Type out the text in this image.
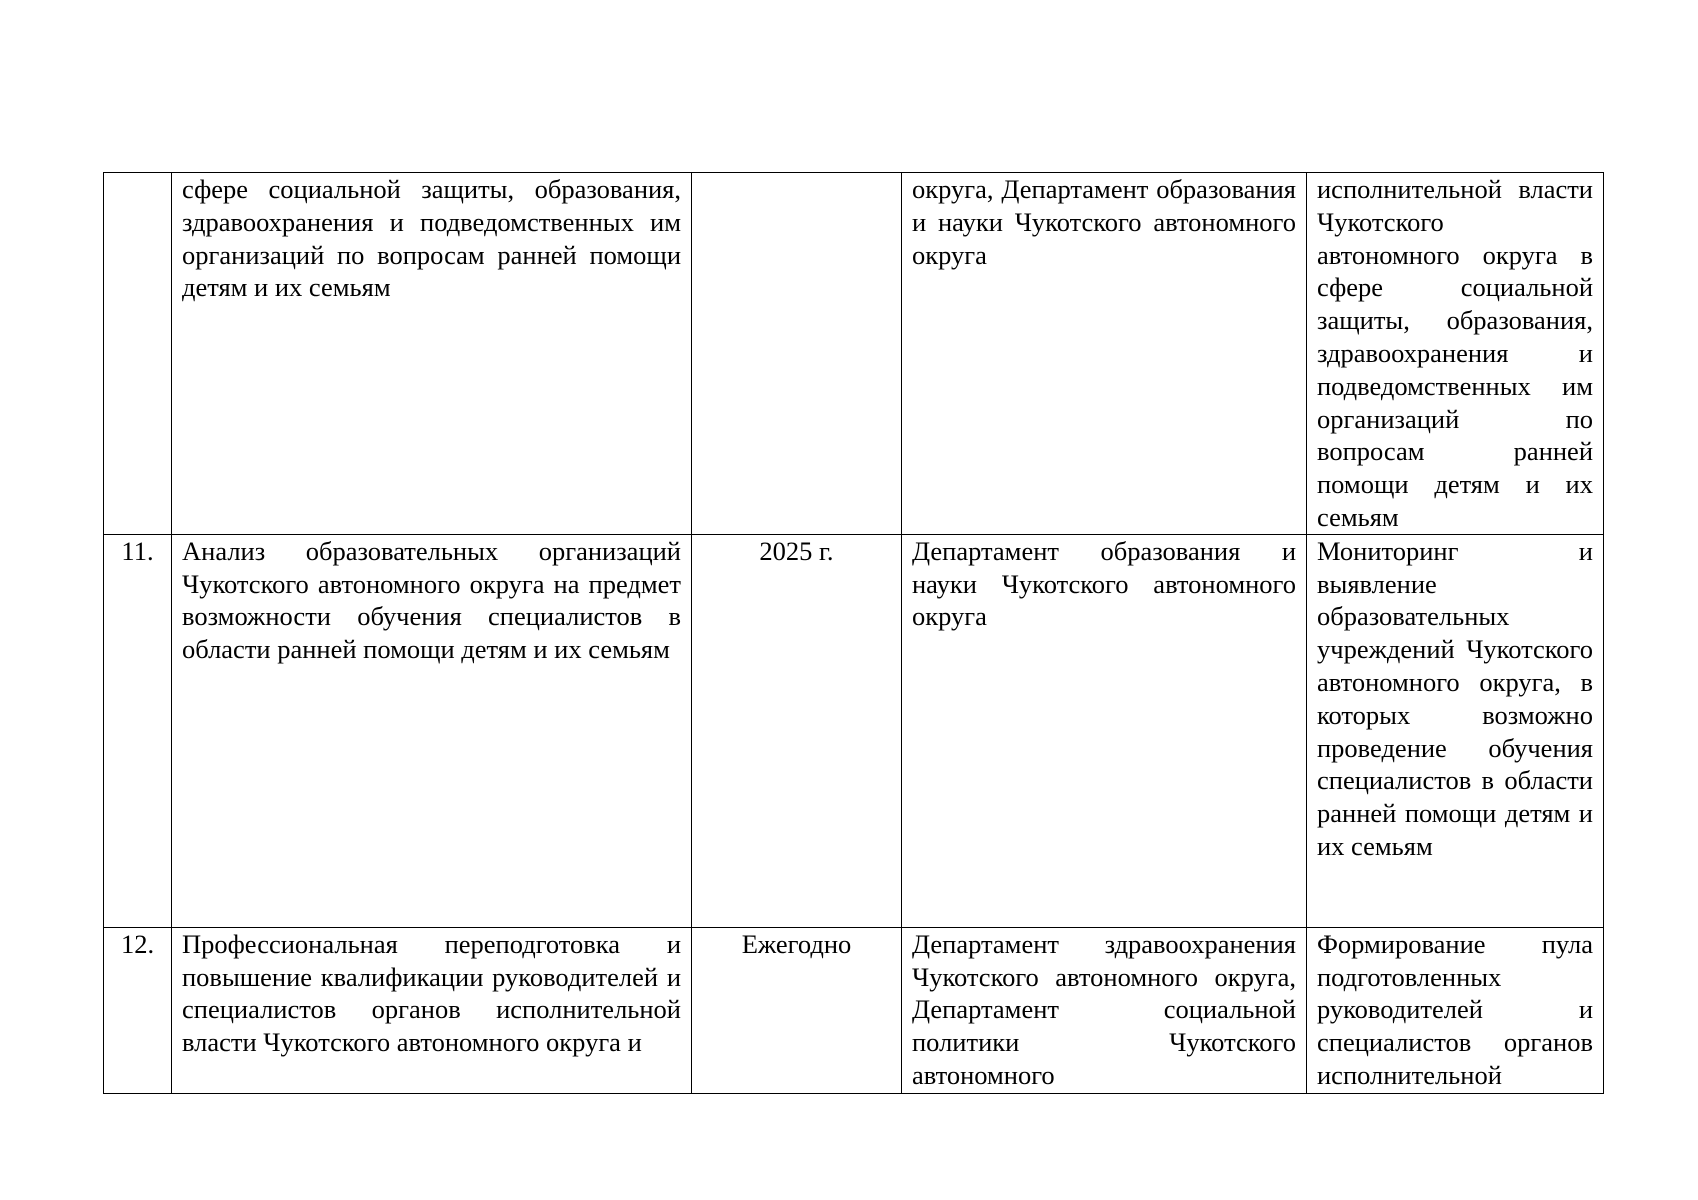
	сфере социальной защиты, образования, здравоохранения и подведомственных им организаций по вопросам ранней помощи детям и их семьям		округа, Департамент образования и науки Чукотского автономного округа	исполнительной власти Чукотского автономного округа в сфере социальной защиты, образования, здравоохранения и подведомственных им организаций по вопросам ранней помощи детям и их семьям
11.	Анализ образовательных организаций Чукотского автономного округа на предмет возможности обучения специалистов в области ранней помощи детям и их семьям	2025 г.	Департамент образования и науки Чукотского автономного округа	Мониторинг и выявление образовательных учреждений Чукотского автономного округа, в которых возможно проведение обучения специалистов в области ранней помощи детям и их семьям
12.	Профессиональная переподготовка и повышение квалификации руководителей и специалистов органов исполнительной власти Чукотского автономного округа и	Ежегодно	Департамент здравоохранения Чукотского автономного округа, Департамент социальной политики Чукотского автономного	Формирование пула подготовленных руководителей и специалистов органов исполнительной
